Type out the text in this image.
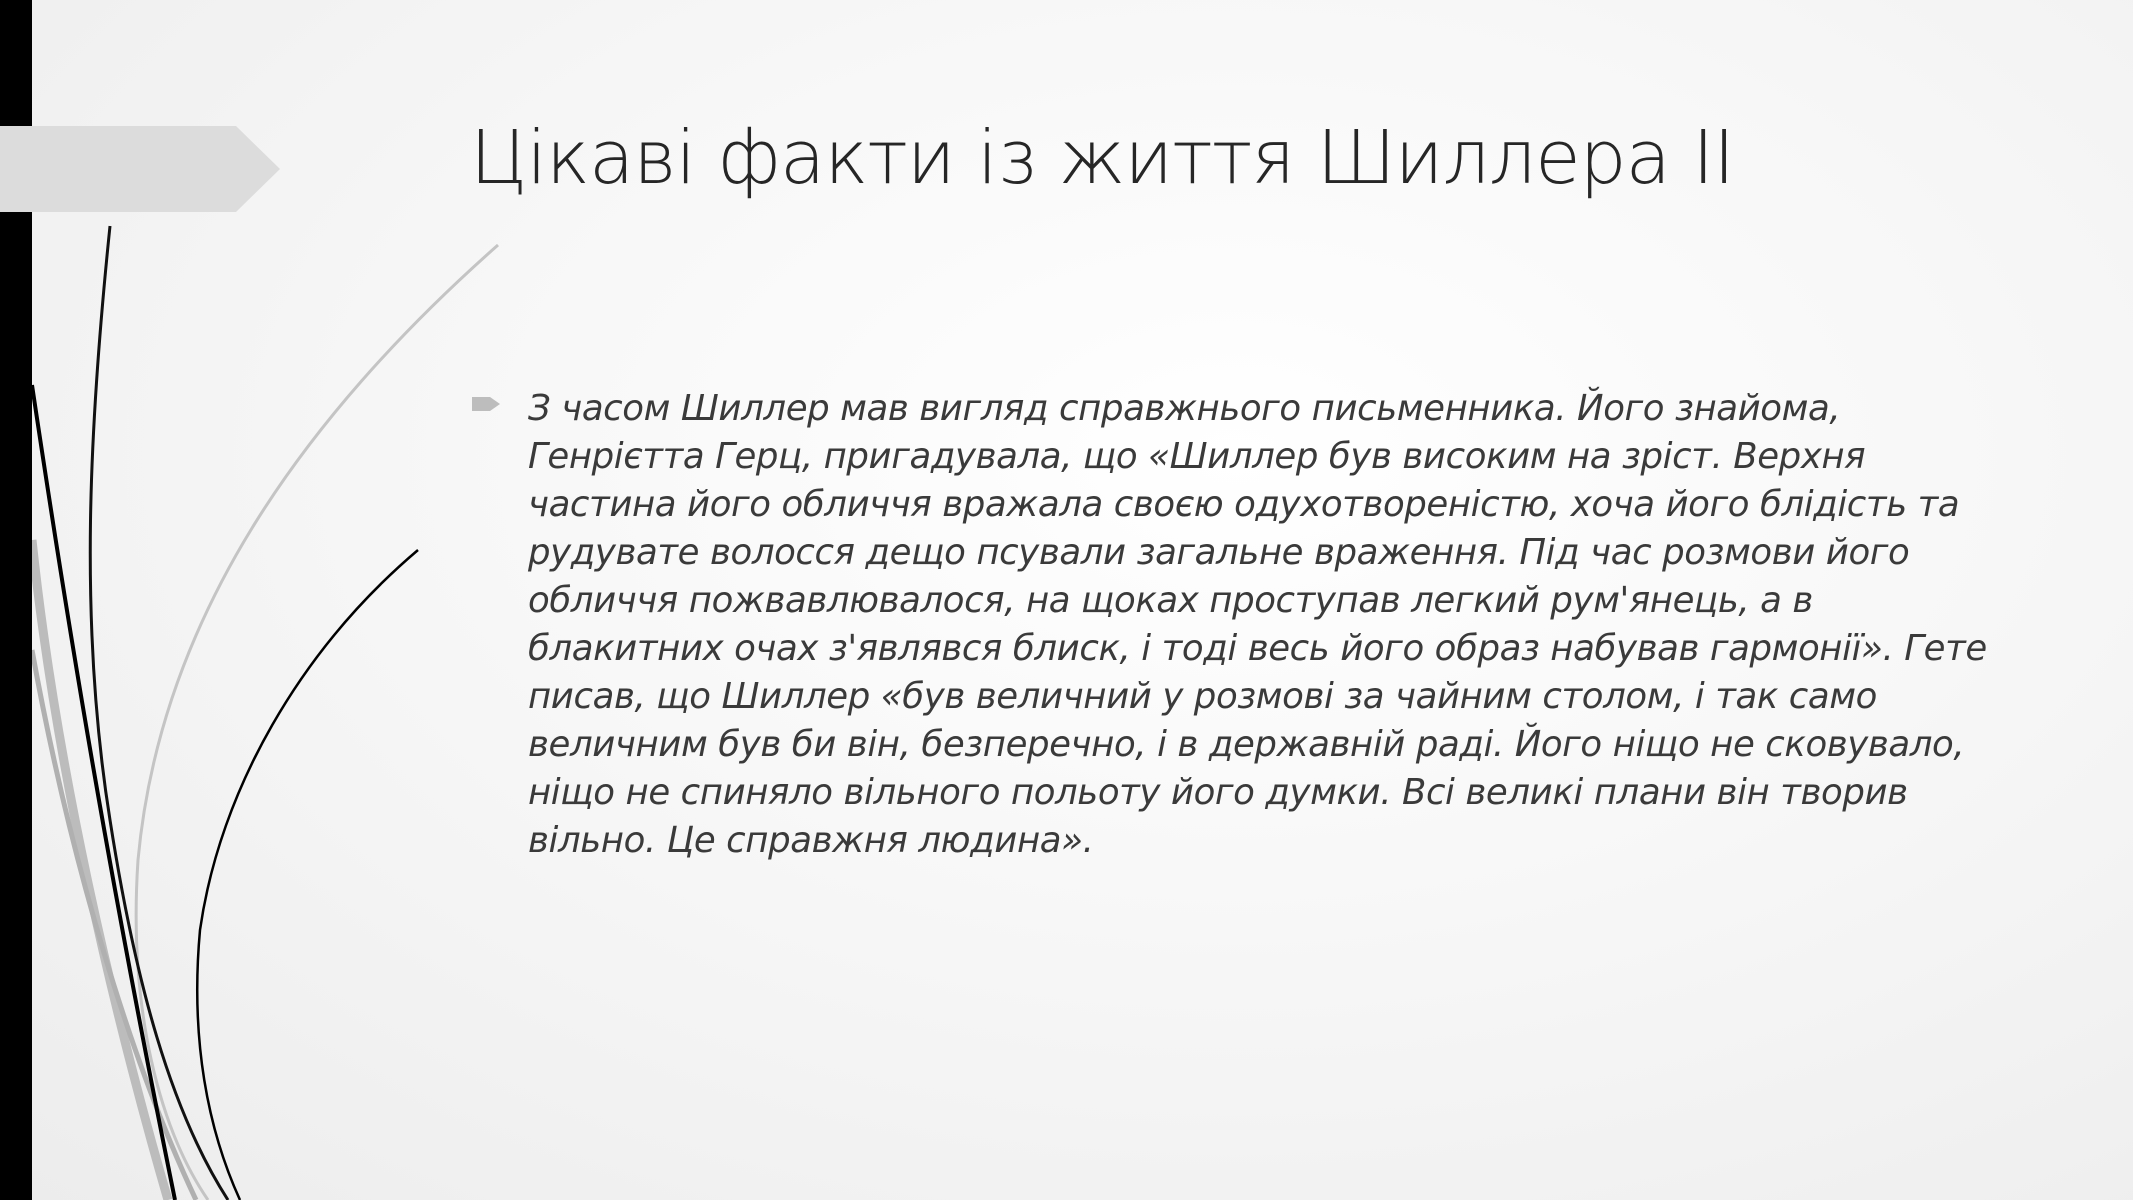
Цікаві факти із життя Шиллера ІІ

З часом Шиллер мав вигляд справжнього письменника. Його знайома, Генрієтта Герц, пригадувала, що «Шиллер був високим на зріст. Верхня частина його обличчя вражала своєю одухотвореністю, хоча його блідість та рудувате волосся дещо псували загальне враження. Під час розмови його обличчя пожвавлювалося, на щоках проступав легкий рум'янець, а в блакитних очах з'являвся блиск, і тоді весь його образ набував гармонії». Гете писав, що Шиллер «був величний у розмові за чайним столом, і так само величним був би він, безперечно, і в державній раді. Його ніщо не сковувало, ніщо не спиняло вільного польоту його думки. Всі великі плани він творив вільно. Це справжня людина».
